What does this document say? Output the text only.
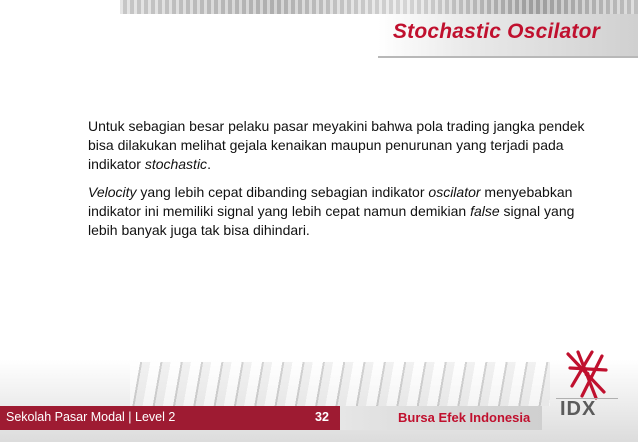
Stochastic Oscilator

Untuk sebagian besar pelaku pasar meyakini bahwa pola trading jangka pendek bisa dilakukan melihat gejala kenaikan maupun penurunan yang terjadi pada indikator stochastic.

Velocity yang lebih cepat dibanding sebagian indikator oscilator menyebabkan indikator ini memiliki signal yang lebih cepat namun demikian false signal yang lebih banyak juga tak bisa dihindari.

Sekolah Pasar Modal | Level 2	32	Bursa Efek Indonesia IDX
